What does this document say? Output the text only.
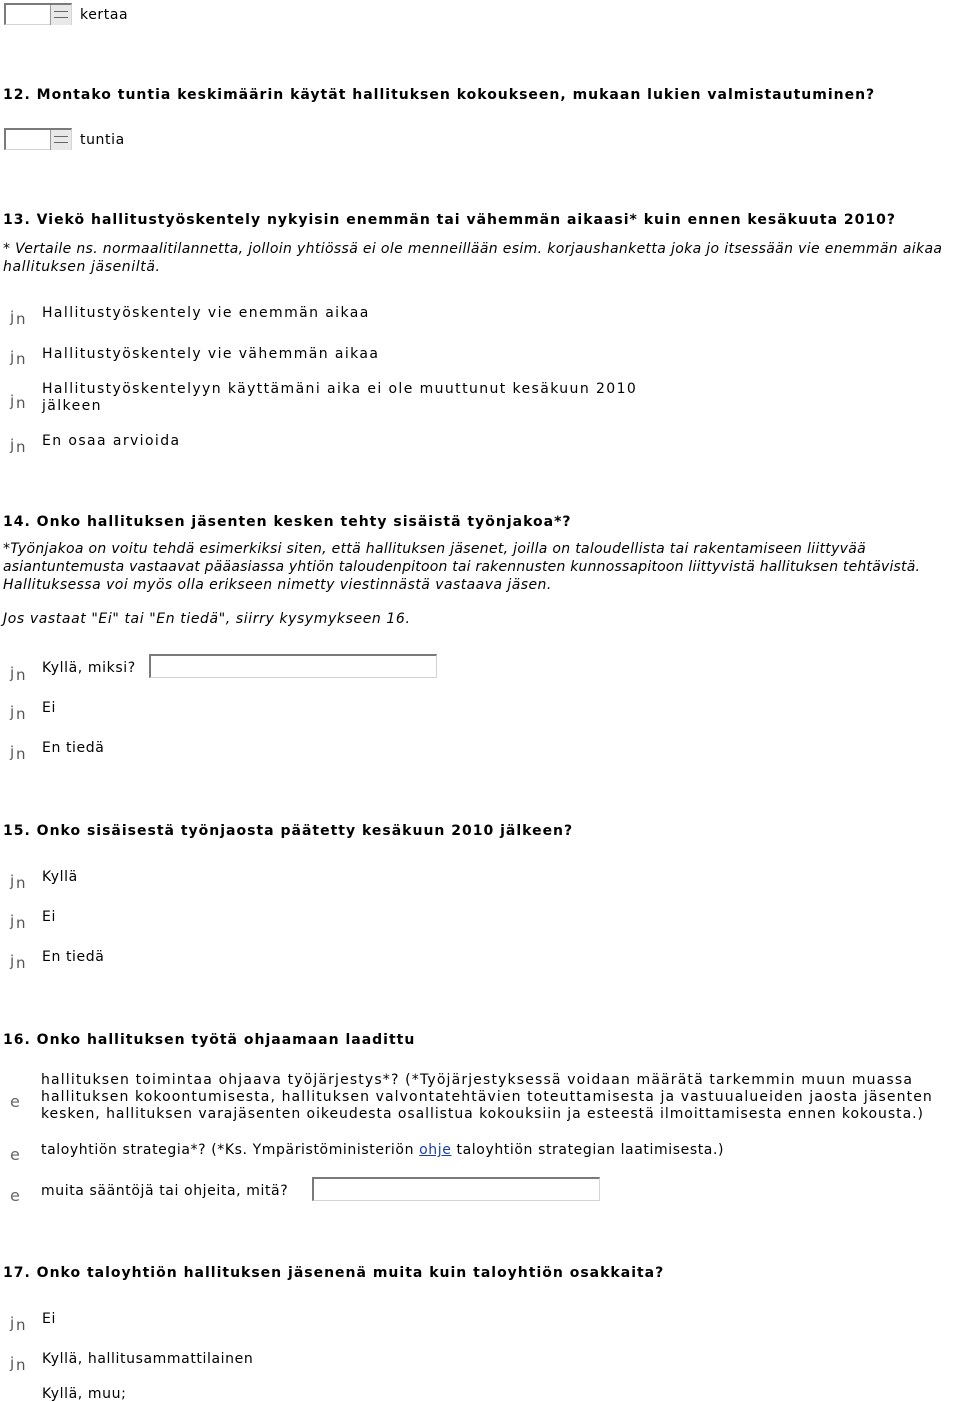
kertaa
12. Montako tuntia keskimäärin käytät hallituksen kokoukseen, mukaan lukien valmistautuminen?
tuntia
13. Viekö hallitustyöskentely nykyisin enemmän tai vähemmän aikaasi* kuin ennen kesäkuuta 2010?
* Vertaile ns. normaalitilannetta, jolloin yhtiössä ei ole menneillään esim. korjaushanketta joka jo itsessään vie enemmän aikaa
hallituksen jäseniltä.
j n Hallitustyöskentely vie enemmän aikaa
j n Hallitustyöskentely vie vähemmän aikaa
j n
Hallitustyöskentelyyn käyttämäni aika ei ole muuttunut kesäkuun 2010
jälkeen
j n En osaa arvioida
14. Onko hallituksen jäsenten kesken tehty sisäistä työnjakoa*?
*Työnjakoa on voitu tehdä esimerkiksi siten, että hallituksen jäsenet, joilla on taloudellista tai rakentamiseen liittyvää
asiantuntemusta vastaavat pääasiassa yhtiön taloudenpitoon tai rakennusten kunnossapitoon liittyvistä hallituksen tehtävistä.
Hallituksessa voi myös olla erikseen nimetty viestinnästä vastaava jäsen.
Jos vastaat "Ei" tai "En tiedä", siirry kysymykseen 16.
j n Kyllä, miksi?
j n Ei
j n En tiedä
15. Onko sisäisestä työnjaosta päätetty kesäkuun 2010 jälkeen?
j n Kyllä
j n Ei
j n En tiedä
16. Onko hallituksen työtä ohjaamaan laadittu
e
hallituksen toimintaa ohjaava työjärjestys*? (*Työjärjestyksessä voidaan määrätä tarkemmin muun muassa
hallituksen kokoontumisesta, hallituksen valvontatehtävien toteuttamisesta ja vastuualueiden jaosta jäsenten
kesken, hallituksen varajäsenten oikeudesta osallistua kokouksiin ja esteestä ilmoittamisesta ennen kokousta.)
e	taloyhtiön strategia*? (*Ks. Ympäristöministeriön ohje taloyhtiön strategian laatimisesta.)
e	muita sääntöjä tai ohjeita, mitä?
17. Onko taloyhtiön hallituksen jäsenenä muita kuin taloyhtiön osakkaita?
j n Ei
j n Kyllä, hallitusammattilainen
Kyllä, muu;
